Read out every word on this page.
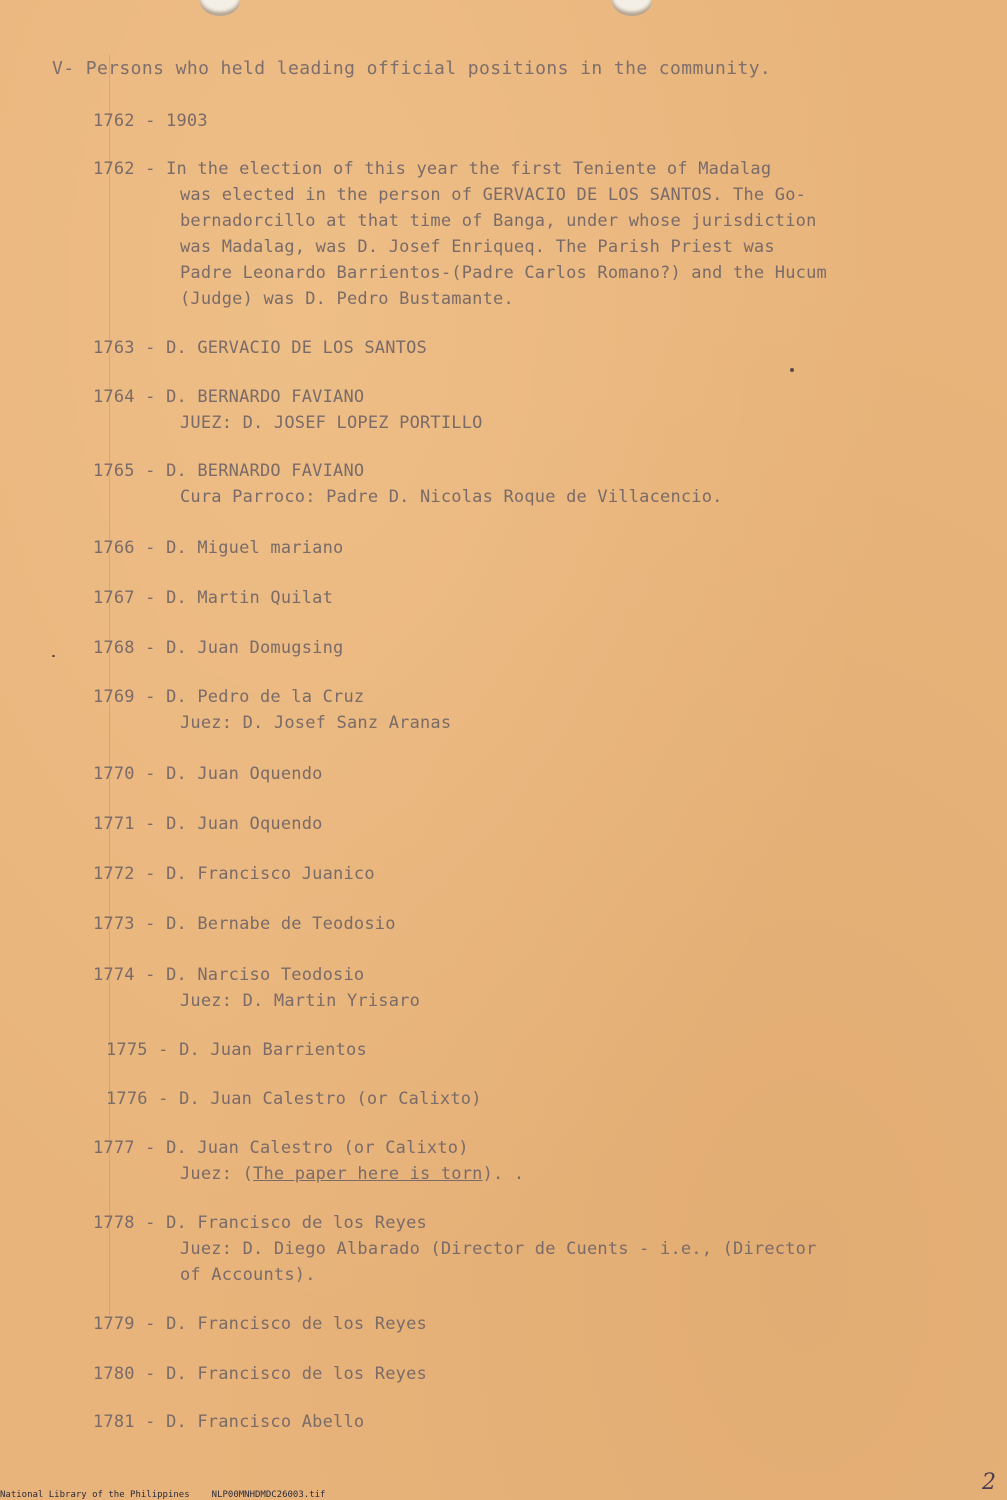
V- Persons who held leading official positions in the community.
1762 - 1903
1762 - In the election of this year the first Teniente of Madalag
was elected in the person of GERVACIO DE LOS SANTOS. The Go-
bernadorcillo at that time of Banga, under whose jurisdiction
was Madalag, was D. Josef Enriqueq. The Parish Priest was
Padre Leonardo Barrientos-(Padre Carlos Romano?) and the Hucum
(Judge) was D. Pedro Bustamante.
1763 - D. GERVACIO DE LOS SANTOS
1764 - D. BERNARDO FAVIANO
JUEZ: D. JOSEF LOPEZ PORTILLO
1765 - D. BERNARDO FAVIANO
Cura Parroco: Padre D. Nicolas Roque de Villacencio.
1766 - D. Miguel mariano
1767 - D. Martin Quilat
1768 - D. Juan Domugsing
1769 - D. Pedro de la Cruz
Juez: D. Josef Sanz Aranas
1770 - D. Juan Oquendo
1771 - D. Juan Oquendo
1772 - D. Francisco Juanico
1773 - D. Bernabe de Teodosio
1774 - D. Narciso Teodosio
Juez: D. Martin Yrisaro
1775 - D. Juan Barrientos
1776 - D. Juan Calestro (or Calixto)
1777 - D. Juan Calestro (or Calixto)
Juez: (The paper here is torn). .
1778 - D. Francisco de los Reyes
Juez: D. Diego Albarado (Director de Cuents - i.e., (Director
of Accounts).
1779 - D. Francisco de los Reyes
1780 - D. Francisco de los Reyes
1781 - D. Francisco Abello
2
National Library of the Philippines NLP00MNHDMDC26003.tif
